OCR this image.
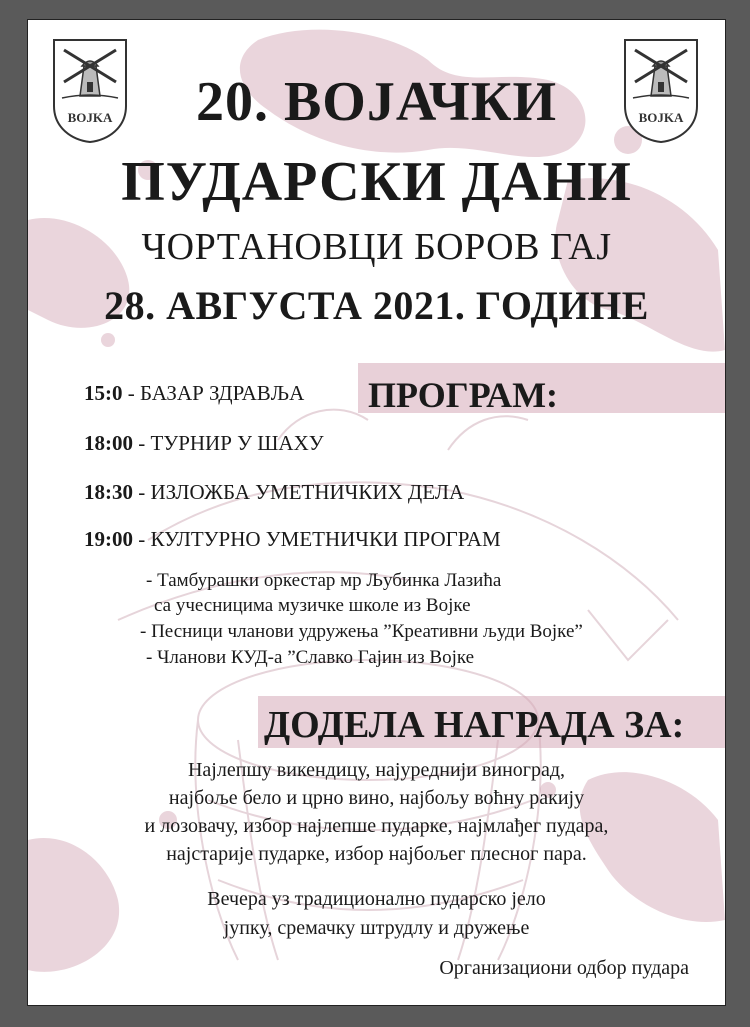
BOJKA	BOJKA
20. ВОЈАЧКИ
ПУДАРСКИ ДАНИ
ЧОРТАНОВЦИ БОРОВ ГАЈ
28. АВГУСТА 2021. ГОДИНЕ
ПРОГРАМ:
15:0 - БАЗАР ЗДРАВЉА
18:00 - ТУРНИР У ШАХУ
18:30 - ИЗЛОЖБА УМЕТНИЧКИХ ДЕЛА
19:00 - КУЛТУРНО УМЕТНИЧКИ ПРОГРАМ
- Тамбурашки оркестар мр Љубинка Лазића
са учесницима музичке школе из Војке
- Песници чланови удружења ”Креативни људи Војке”
- Чланови КУД-а ”Славко Гајин из Војке
ДОДЕЛА НАГРАДА ЗА:
Најлепшу викендицу, најуреднији виноград,
најбоље бело и црно вино, најбољу воћну ракију
и лозовачу, избор најлепше пударке, најмлађег пудара,
најстарије пударке, избор најбољег плесног пара.
Вечера уз традиционално пударско јело
јупку, сремачку штрудлу и дружење
Организациони одбор пудара
